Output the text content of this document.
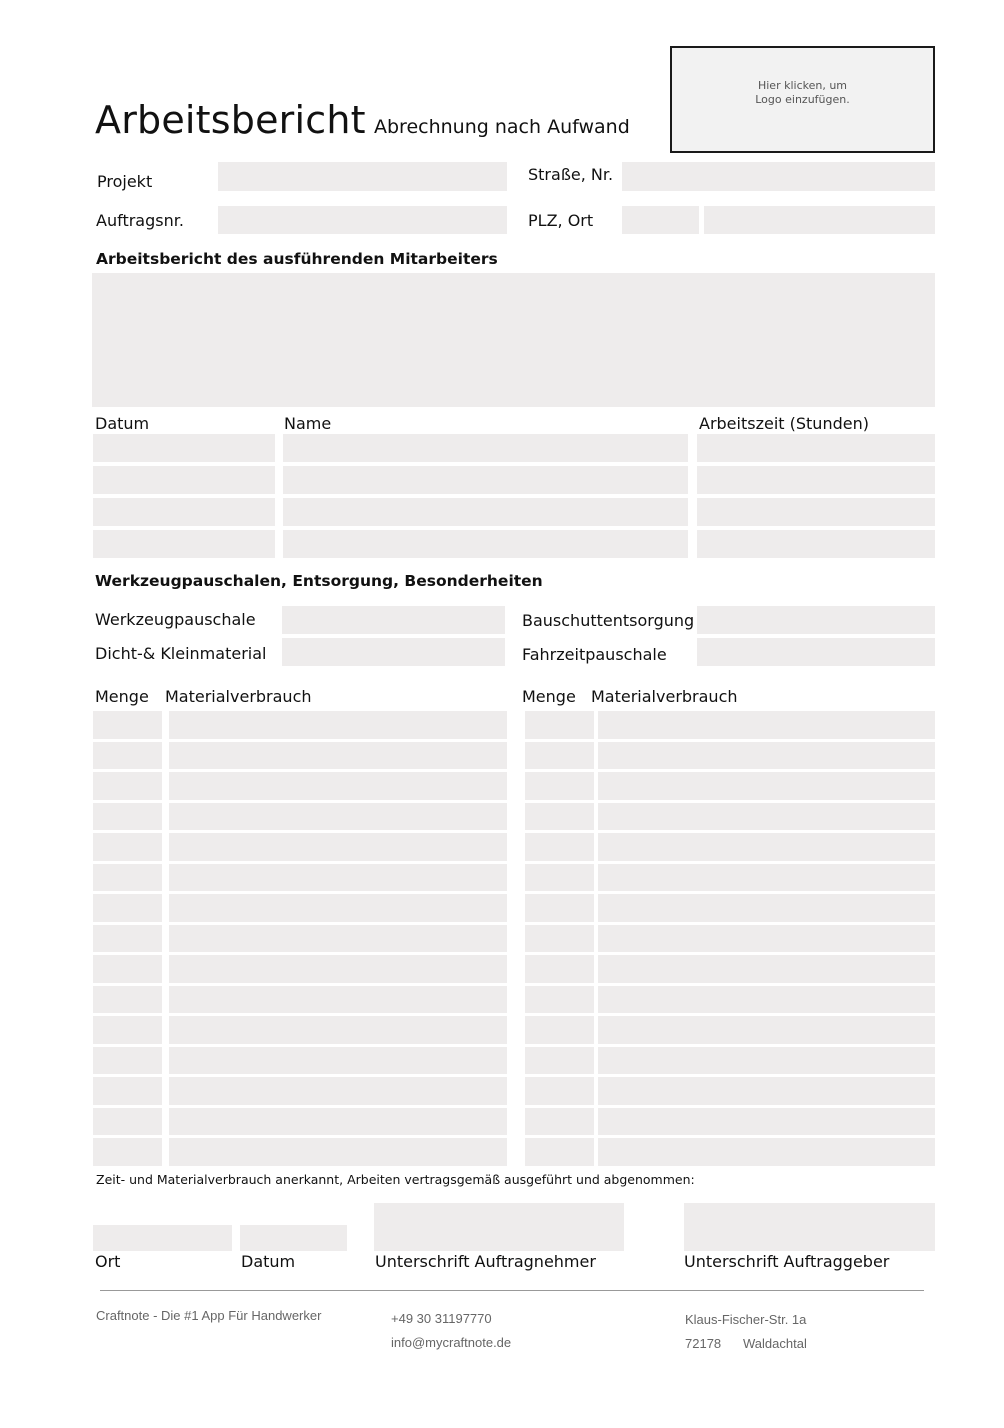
Arbeitsbericht Abrechnung nach Aufwand
Hier klicken, um
Logo einzufügen.
Projekt
Auftragsnr.
Straße, Nr.
PLZ, Ort
Arbeitsbericht des ausführenden Mitarbeiters
Datum	Name	Arbeitszeit (Stunden)
Werkzeugpauschalen, Entsorgung, Besonderheiten
Werkzeugpauschale
Dicht-& Kleinmaterial
Bauschuttentsorgung
Fahrzeitpauschale
Menge Materialverbrauch	Menge Materialverbrauch
Zeit- und Materialverbrauch anerkannt, Arbeiten vertragsgemäß ausgeführt und abgenommen:
Ort	Datum	Unterschrift Auftragnehmer	Unterschrift Auftraggeber
Craftnote - Die #1 App Für Handwerker	+49 30 31197770
info@mycraftnote.de
Klaus-Fischer-Str. 1a
72178 Waldachtal
